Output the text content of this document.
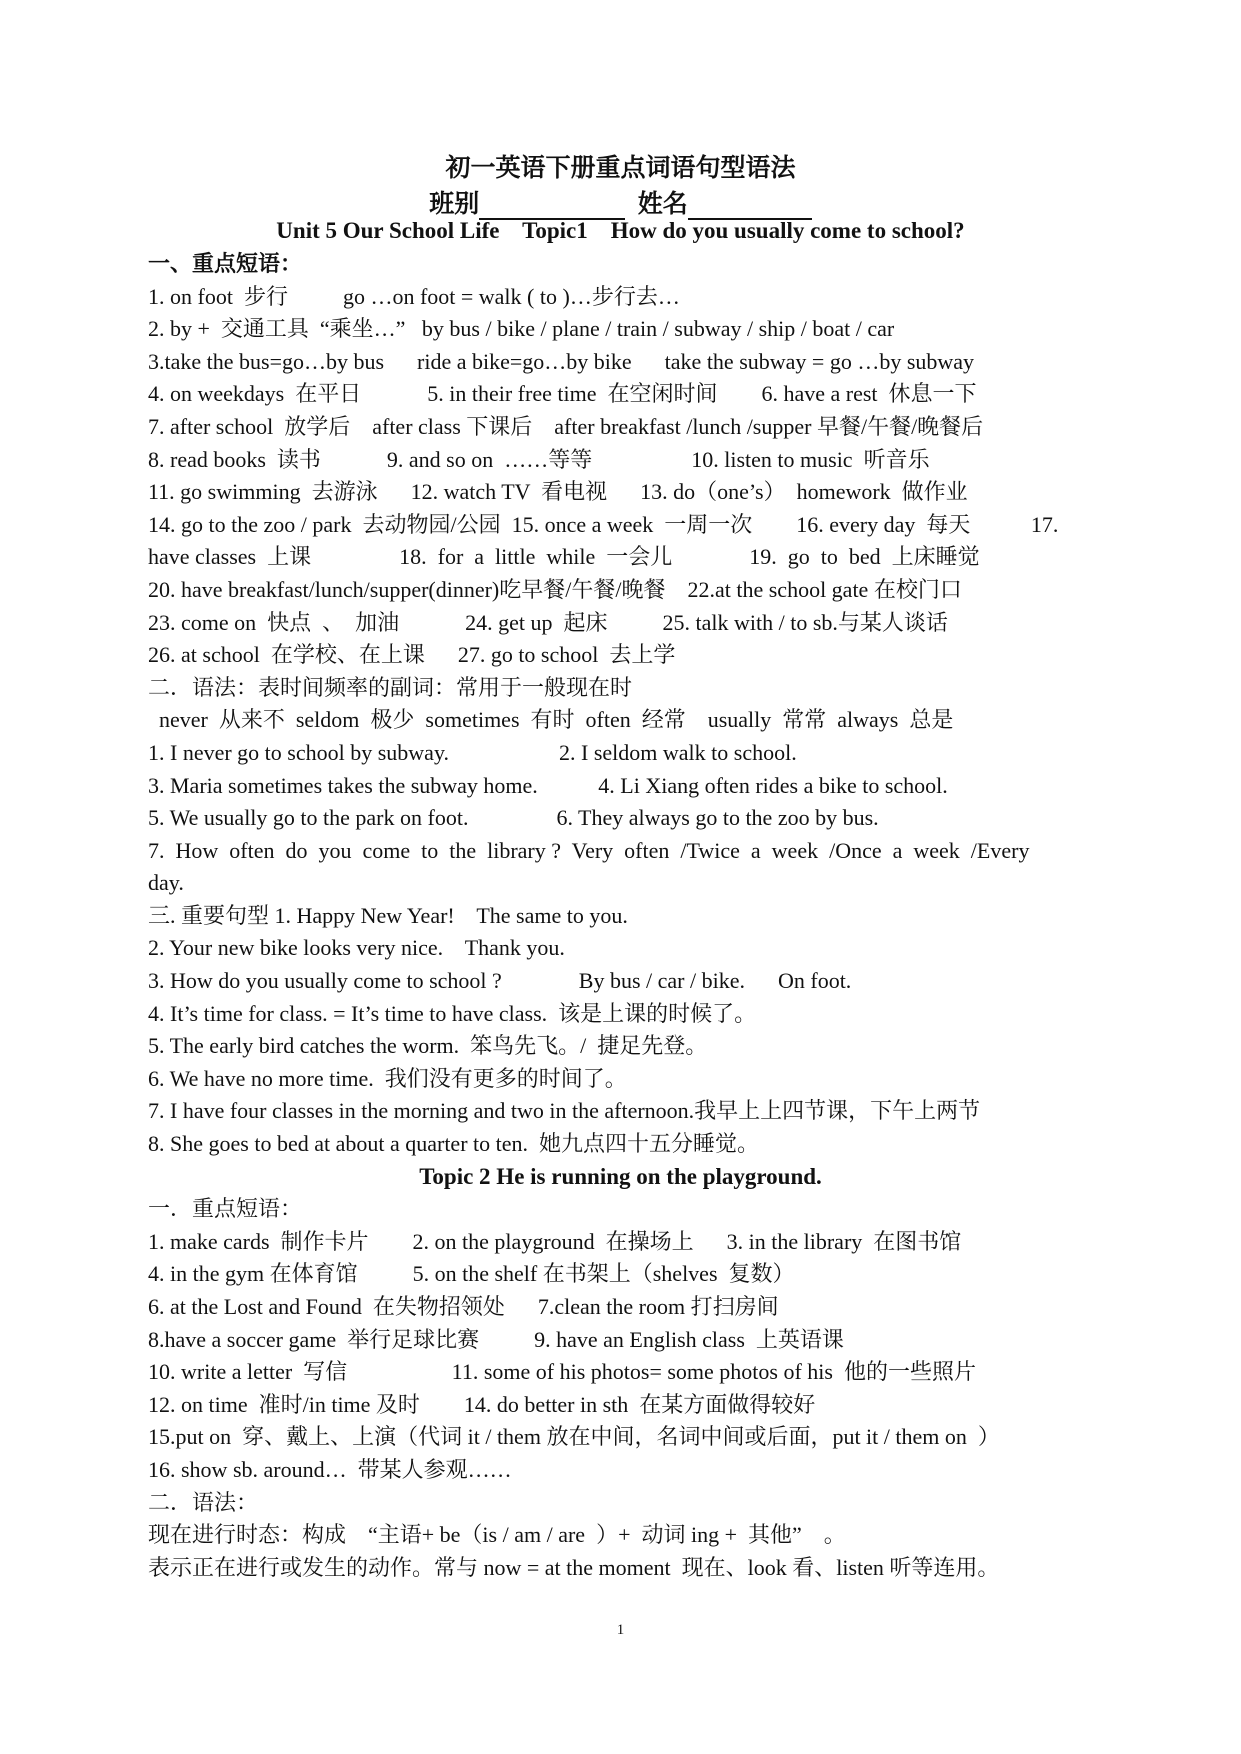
初一英语下册重点词语句型语法
班别	姓名
Unit 5 Our School Life    Topic1    How do you usually come to school?
一、重点短语：
1. on foot  步行          go …on foot = walk ( to )…步行去…
2. by +  交通工具  “乘坐…”   by bus / bike / plane / train / subway / ship / boat / car
3.take the bus=go…by bus      ride a bike=go…by bike      take the subway = go …by subway
4. on weekdays  在平日            5. in their free time  在空闲时间        6. have a rest  休息一下
7. after school  放学后    after class 下课后    after breakfast /lunch /supper 早餐/午餐/晚餐后
8. read books  读书            9. and so on  ……等等                  10. listen to music  听音乐
11. go swimming  去游泳      12. watch TV  看电视      13. do（one’s）  homework  做作业
14. go to the zoo / park  去动物园/公园  15. once a week  一周一次        16. every day  每天           17.
have classes  上课                18.  for  a  little  while  一会儿              19.  go  to  bed  上床睡觉
20. have breakfast/lunch/supper(dinner)吃早餐/午餐/晚餐    22.at the school gate 在校门口
23. come on  快点  、  加油            24. get up  起床          25. talk with / to sb.与某人谈话
26. at school  在学校、在上课      27. go to school  去上学
二．语法：表时间频率的副词：常用于一般现在时
never  从来不  seldom  极少  sometimes  有时  often  经常    usually  常常  always  总是
1. I never go to school by subway.                    2. I seldom walk to school.
3. Maria sometimes takes the subway home.           4. Li Xiang often rides a bike to school.
5. We usually go to the park on foot.                6. They always go to the zoo by bus.
7.  How  often  do  you  come  to  the  library ?  Very  often  /Twice  a  week  /Once  a  week  /Every
day.
三. 重要句型 1. Happy New Year!    The same to you.
2. Your new bike looks very nice.    Thank you.
3. How do you usually come to school ?              By bus / car / bike.      On foot.
4. It’s time for class. = It’s time to have class.  该是上课的时候了。
5. The early bird catches the worm.  笨鸟先飞。/  捷足先登。
6. We have no more time.  我们没有更多的时间了。
7. I have four classes in the morning and two in the afternoon.我早上上四节课，下午上两节
8. She goes to bed at about a quarter to ten.  她九点四十五分睡觉。
Topic 2 He is running on the playground.
一．重点短语：
1. make cards  制作卡片        2. on the playground  在操场上      3. in the library  在图书馆
4. in the gym 在体育馆          5. on the shelf 在书架上（shelves  复数）
6. at the Lost and Found  在失物招领处      7.clean the room 打扫房间
8.have a soccer game  举行足球比赛          9. have an English class  上英语课
10. write a letter  写信                   11. some of his photos= some photos of his  他的一些照片
12. on time  准时/in time 及时        14. do better in sth  在某方面做得较好
15.put on  穿、戴上、上演（代词 it / them 放在中间，名词中间或后面，put it / them on  ）
16. show sb. around…  带某人参观……
二．语法：
现在进行时态：构成    “主语+ be（is / am / are  ）+  动词 ing +  其他”    。
表示正在进行或发生的动作。常与 now = at the moment  现在、look 看、listen 听等连用。
1
